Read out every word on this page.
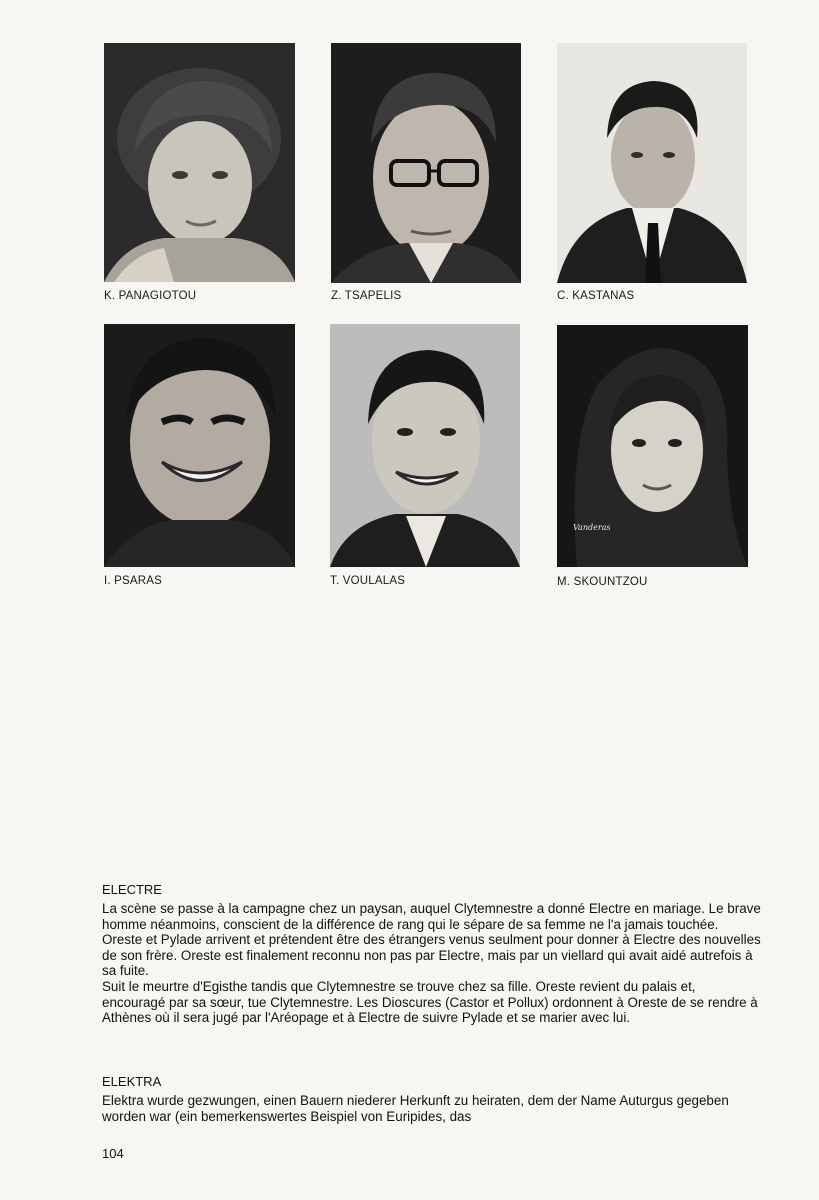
K. PANAGIOTOU	Z. TSAPELIS	C. KASTANAS
I. PSARAS	T. VOULALAS
Vanderas
M. SKOUNTZOU
ELECTRE

La scène se passe à la campagne chez un paysan, auquel Clytemnestre a donné Electre en mariage. Le brave homme néanmoins, conscient de la différence de rang qui le sépare de sa femme ne l'a jamais touchée. Oreste et Pylade arrivent et prétendent être des étrangers venus seulment pour donner à Electre des nouvelles de son frère. Oreste est finalement reconnu non pas par Electre, mais par un viellard qui avait aidé autrefois à sa fuite.

Suit le meurtre d'Egisthe tandis que Clytemnestre se trouve chez sa fille. Oreste revient du palais et, encouragé par sa sœur, tue Clytemnestre. Les Dioscures (Castor et Pollux) ordonnent à Oreste de se rendre à Athènes où il sera jugé par l'Aréopage et à Electre de suivre Pylade et se marier avec lui.

ELEKTRA

Elektra wurde gezwungen, einen Bauern niederer Herkunft zu heiraten, dem der Name Auturgus gegeben worden war (ein bemerkenswertes Beispiel von Euripides, das

104
